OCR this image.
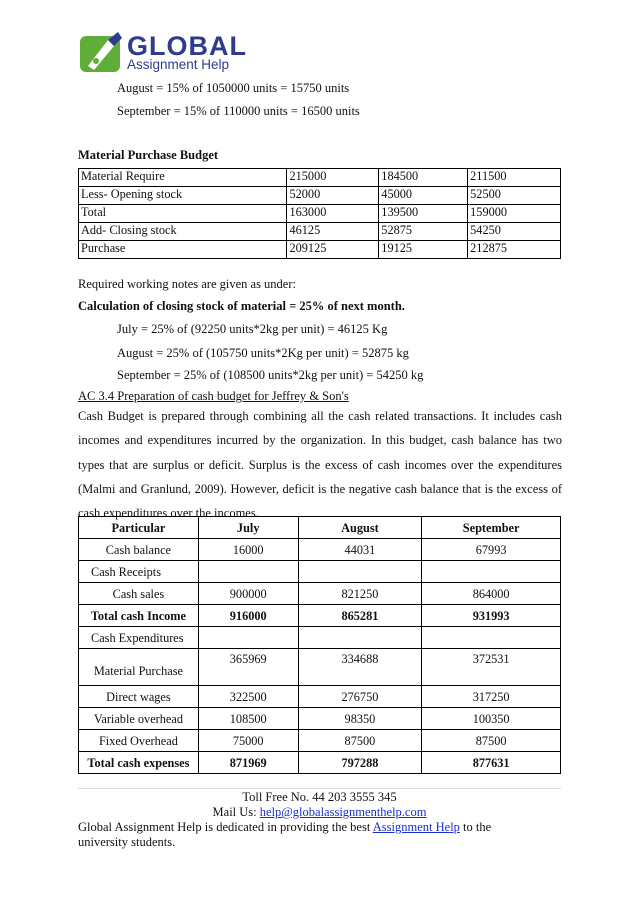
GLOBAL
Assignment Help
August = 15% of 1050000 units = 15750 units
September = 15% of 110000 units = 16500 units
Material Purchase Budget
Material Require	215000	184500	211500
Less- Opening stock	52000	45000	52500
Total	163000	139500	159000
Add- Closing stock	46125	52875	54250
Purchase	209125	19125	212875
Required working notes are given as under:
Calculation of closing stock of material = 25% of next month.
July = 25% of (92250 units*2kg per unit) = 46125 Kg
August = 25% of (105750 units*2Kg per unit) = 52875 kg
September = 25% of (108500 units*2kg per unit) = 54250 kg
AC 3.4 Preparation of cash budget for Jeffrey & Son's
Cash Budget is prepared through combining all the cash related transactions. It includes cash incomes and expenditures incurred by the organization. In this budget, cash balance has two types that are surplus or deficit. Surplus is the excess of cash incomes over the expenditures (Malmi and Granlund, 2009). However, deficit is the negative cash balance that is the excess of cash expenditures over the incomes.
Particular	July	August	September
Cash balance	16000	44031	67993
Cash Receipts			
Cash sales	900000	821250	864000
Total cash Income	916000	865281	931993
Cash Expenditures			
Material Purchase	365969	334688	372531
Direct wages	322500	276750	317250
Variable overhead	108500	98350	100350
Fixed Overhead	75000	87500	87500
Total cash expenses	871969	797288	877631
Toll Free No. 44 203 3555 345
Mail Us: help@globalassignmenthelp.com
Global Assignment Help is dedicated in providing the best Assignment Help to the
university students.
